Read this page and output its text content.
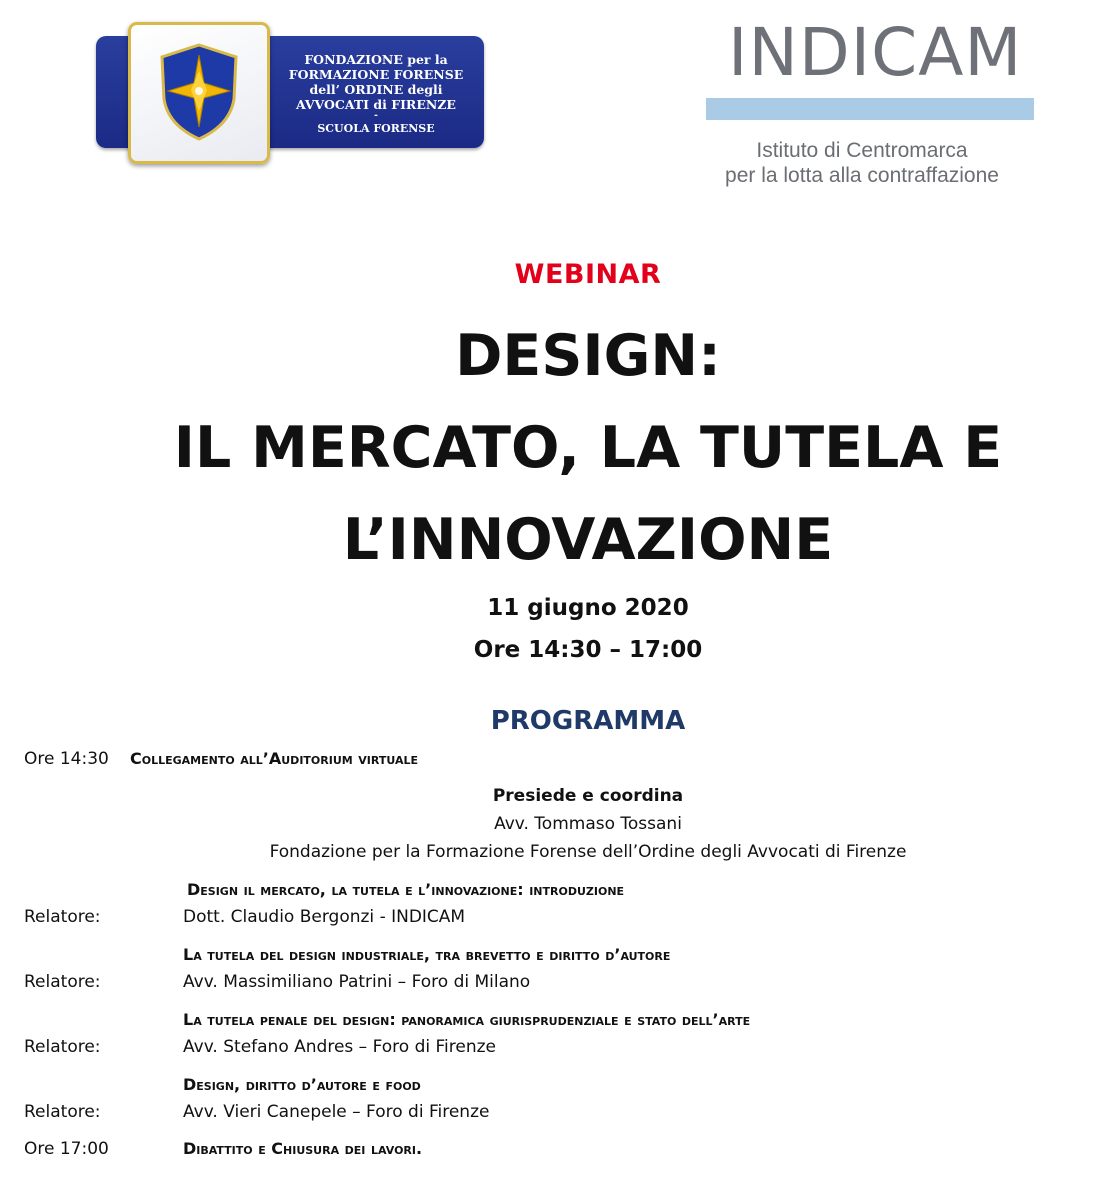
FONDAZIONE per la
FORMAZIONE FORENSE
dell’ ORDINE degli
AVVOCATI di FIRENZE
-
SCUOLA FORENSE
INDICAM
Istituto di Centromarca
per la lotta alla contraffazione
WEBINAR
DESIGN:
IL MERCATO, LA TUTELA E
L’INNOVAZIONE
11 giugno 2020
Ore 14:30 – 17:00
PROGRAMMA
Ore 14:30 Collegamento all’Auditorium virtuale
Presiede e coordina
Avv. Tommaso Tossani
Fondazione per la Formazione Forense dell’Ordine degli Avvocati di Firenze
Design il mercato, la tutela e l’innovazione: introduzione
Relatore:	Dott. Claudio Bergonzi - INDICAM
La tutela del design industriale, tra brevetto e diritto d’autore
Relatore:	Avv. Massimiliano Patrini – Foro di Milano
La tutela penale del design: panoramica giurisprudenziale e stato dell’arte
Relatore:	Avv. Stefano Andres – Foro di Firenze
Design, diritto d’autore e food
Relatore:	Avv. Vieri Canepele – Foro di Firenze
Ore 17:00	Dibattito e Chiusura dei lavori.
